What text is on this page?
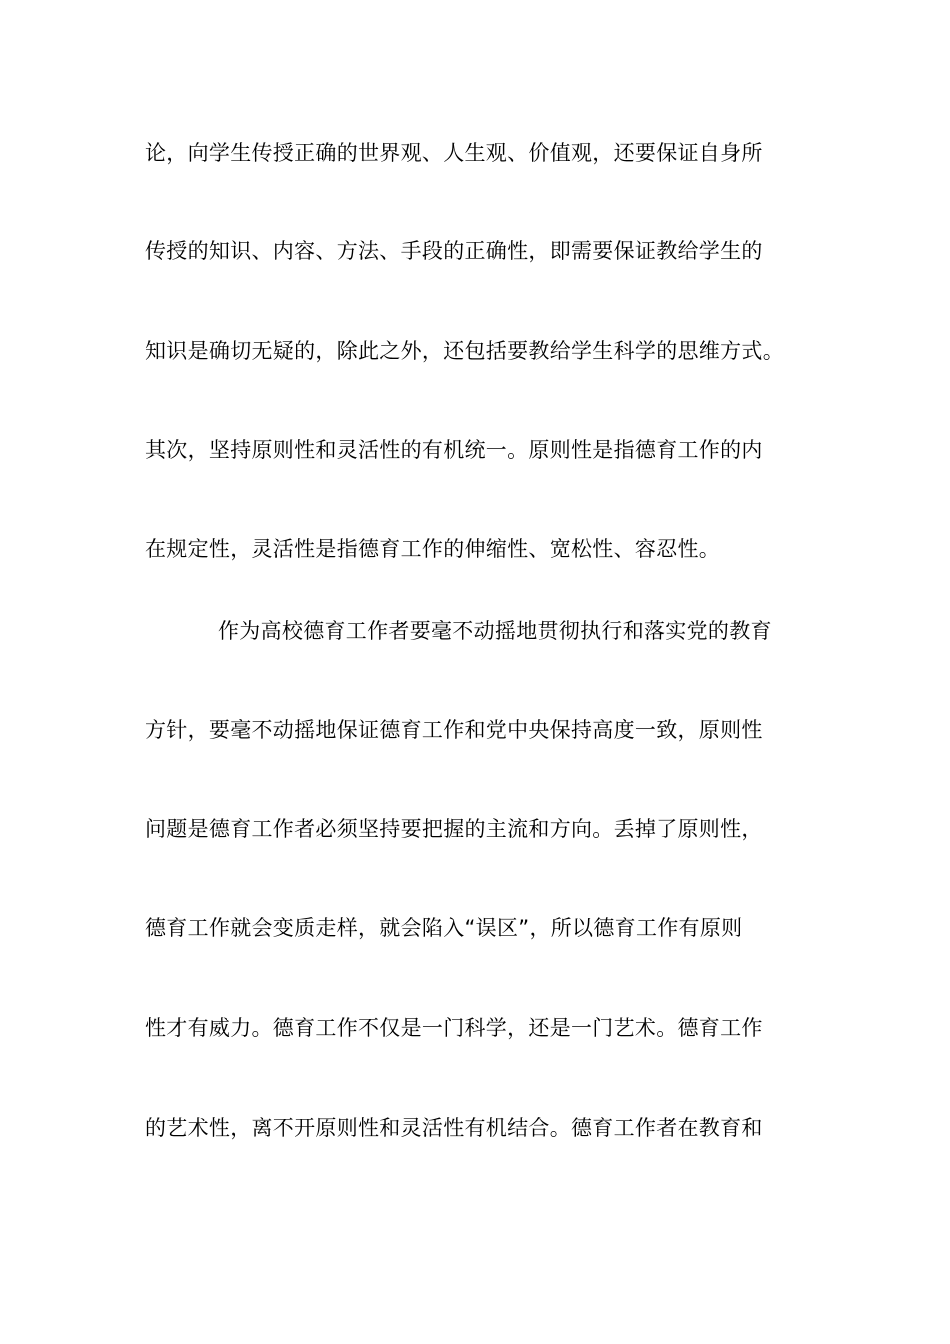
论，向学生传授正确的世界观、人生观、价值观，还要保证自身所
传授的知识、内容、方法、手段的正确性，即需要保证教给学生的
知识是确切无疑的，除此之外，还包括要教给学生科学的思维方式。
其次，坚持原则性和灵活性的有机统一。原则性是指德育工作的内
在规定性，灵活性是指德育工作的伸缩性、宽松性、容忍性。
作为高校德育工作者要毫不动摇地贯彻执行和落实党的教育
方针，要毫不动摇地保证德育工作和党中央保持高度一致，原则性
问题是德育工作者必须坚持要把握的主流和方向。丢掉了原则性，
德育工作就会变质走样，就会陷入“误区”，所以德育工作有原则
性才有威力。德育工作不仅是一门科学，还是一门艺术。德育工作
的艺术性，离不开原则性和灵活性有机结合。德育工作者在教育和
